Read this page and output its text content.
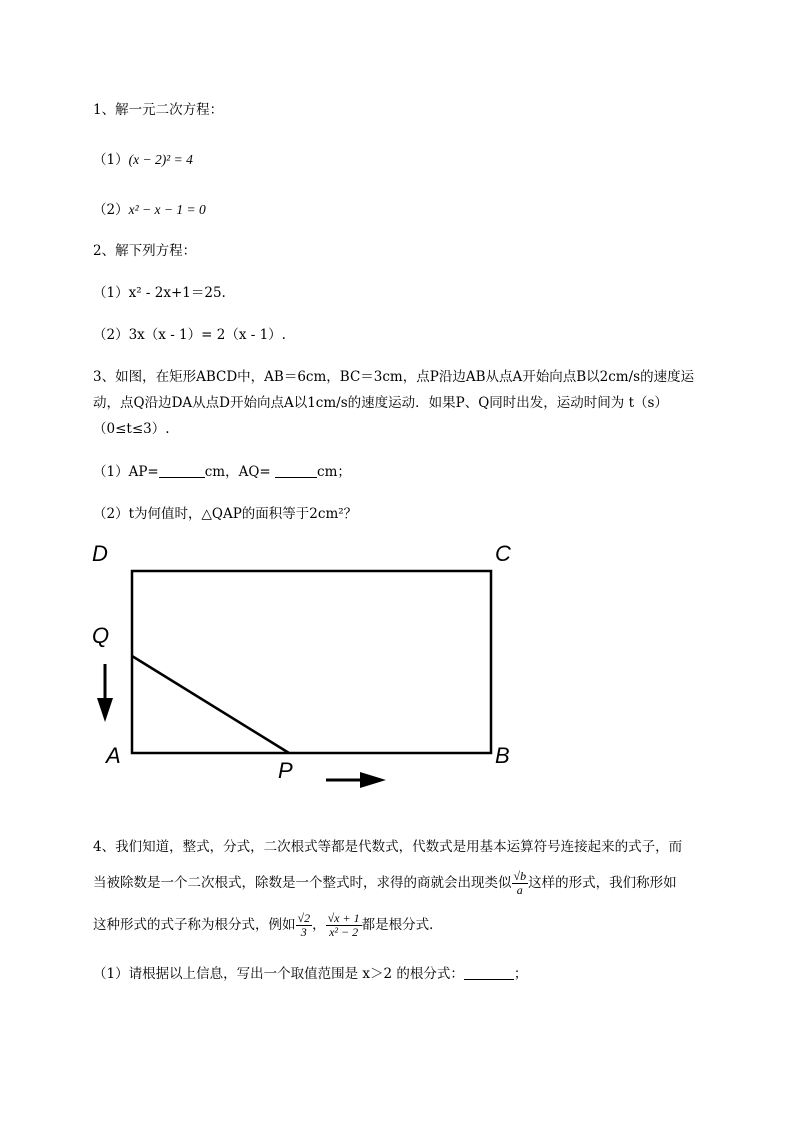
1、解一元二次方程：
（1）(x − 2)² = 4
（2）x² − x − 1 = 0
2、解下列方程：
（1）x² - 2x+1＝25.
（2）3x（x - 1）= 2（x - 1）.
3、如图，在矩形ABCD中，AB＝6cm，BC＝3cm，点P沿边AB从点A开始向点B以2cm/s的速度运
动，点Q沿边DA从点D开始向点A以1cm/s的速度运动．如果P、Q同时出发，运动时间为 t（s）
（0≤t≤3）.
（1）AP=	cm，AQ=	cm；
（2）t为何值时，△QAP的面积等于2cm²？
D	C
Q
A	B
P
4、我们知道，整式，分式，二次根式等都是代数式，代数式是用基本运算符号连接起来的式子，而
当被除数是一个二次根式，除数是一个整式时，求得的商就会出现类似 $\frac{√b}{a}$ 这样的形式，我们称形如
这种形式的式子称为根分式，例如 $\frac{√2}{3}$ ， $\frac{√x + 1}{\text{x² − 2}}$ 都是根分式．
（1）请根据以上信息，写出一个取值范围是 x＞2 的根分式：	；
